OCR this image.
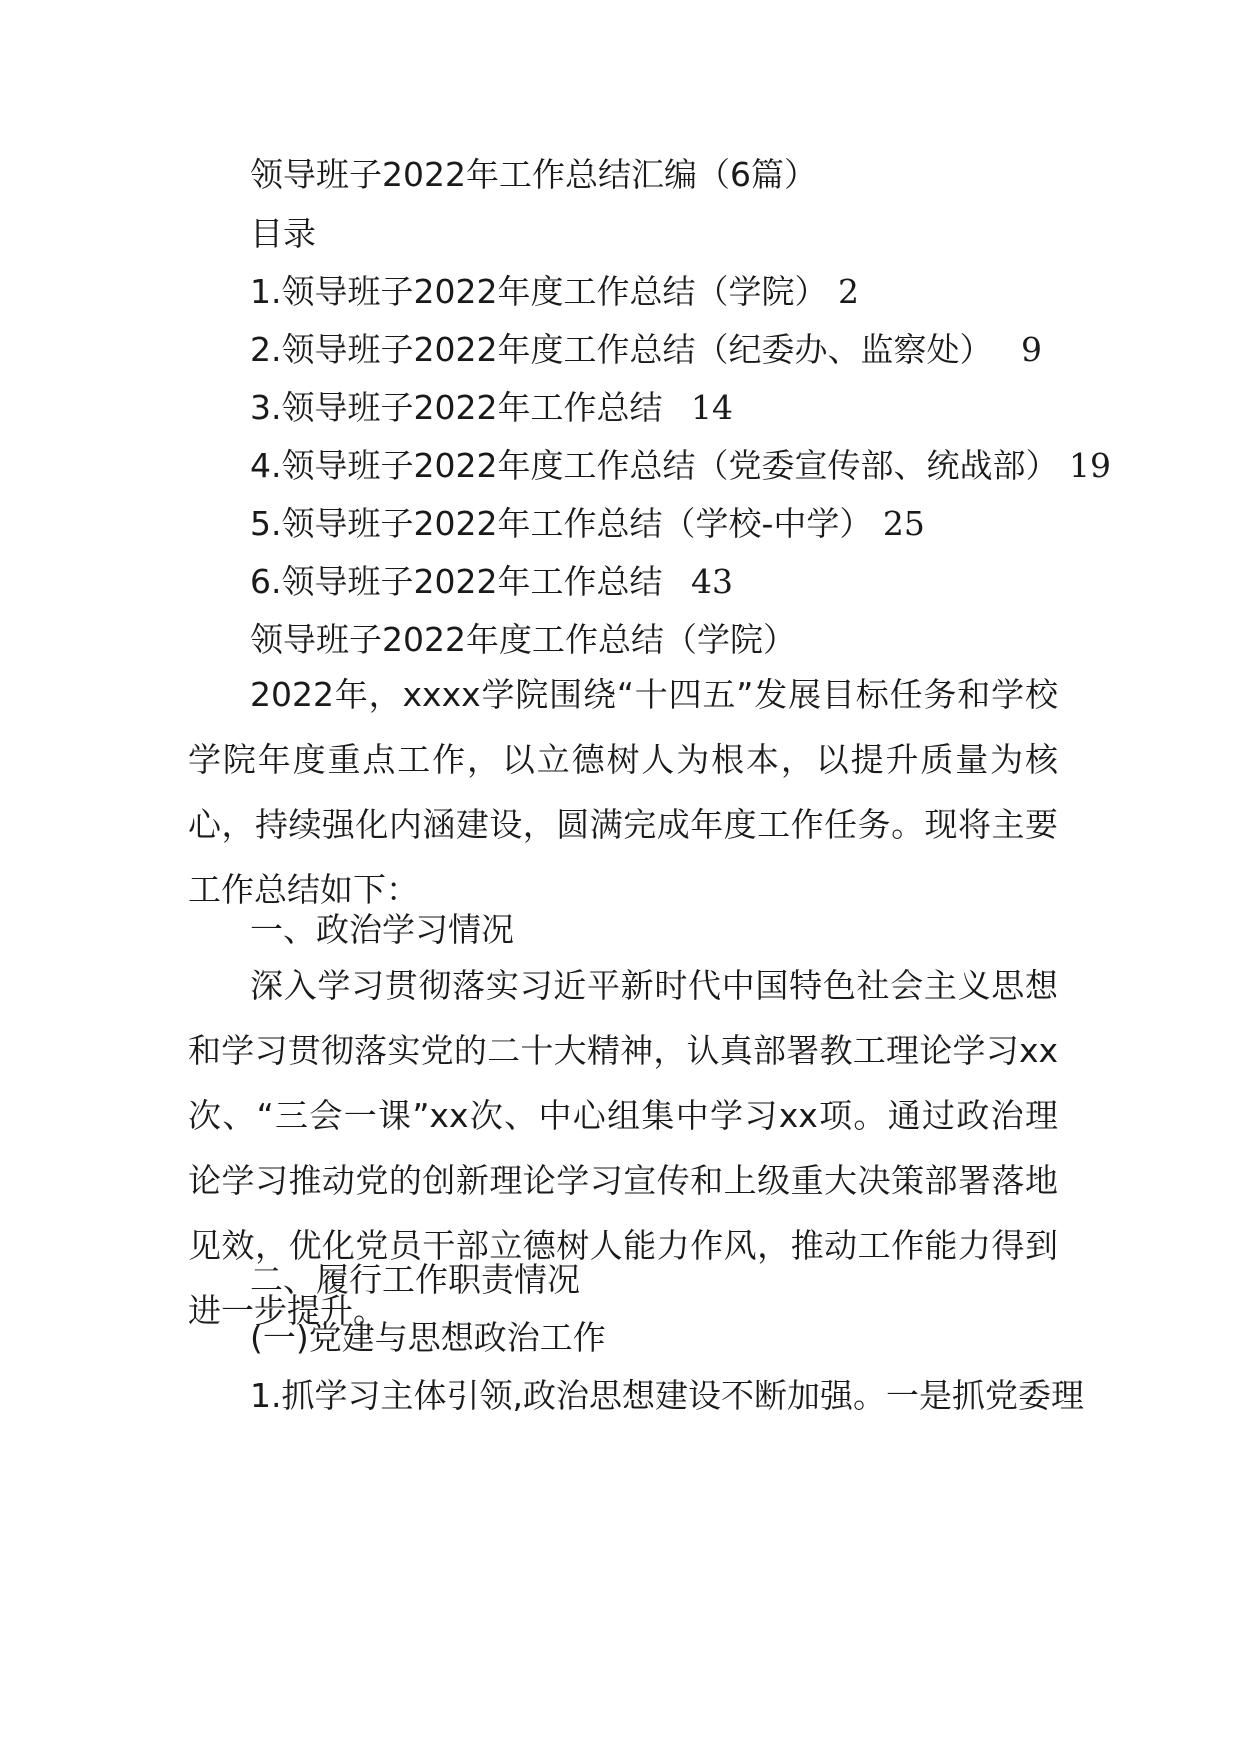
领导班子2022年工作总结汇编（6篇）
目录
1.领导班子2022年度工作总结（学院） 2
2.领导班子2022年度工作总结（纪委办、监察处） 9
3.领导班子2022年工作总结 14
4.领导班子2022年度工作总结（党委宣传部、统战部） 19
5.领导班子2022年工作总结（学校-中学） 25
6.领导班子2022年工作总结 43
领导班子2022年度工作总结（学院）
2022年，xxxx学院围绕“十四五”发展目标任务和学校学院年度重点工作，以立德树人为根本，以提升质量为核心，持续强化内涵建设，圆满完成年度工作任务。现将主要工作总结如下：
一、政治学习情况
深入学习贯彻落实习近平新时代中国特色社会主义思想和学习贯彻落实党的二十大精神，认真部署教工理论学习xx次、“三会一课”xx次、中心组集中学习xx项。通过政治理论学习推动党的创新理论学习宣传和上级重大决策部署落地见效，优化党员干部立德树人能力作风，推动工作能力得到进一步提升。
二、履行工作职责情况
(一)党建与思想政治工作
1.抓学习主体引领,政治思想建设不断加强。一是抓党委理
